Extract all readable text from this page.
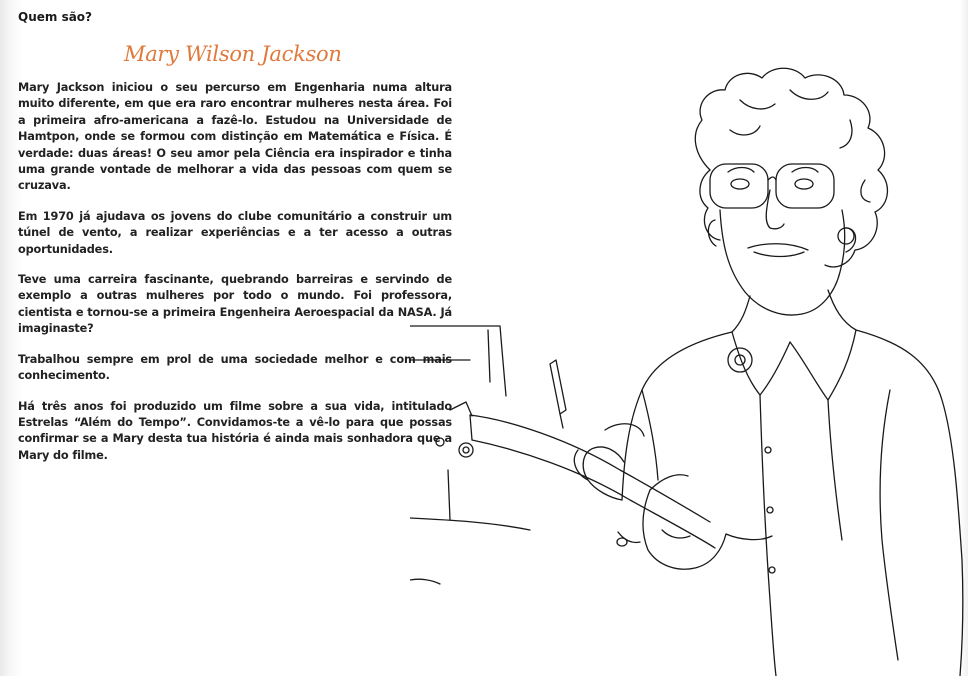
Quem são?
Mary Wilson Jackson

Mary Jackson iniciou o seu percurso em Engenharia numa altura muito diferente, em que era raro encontrar mulheres nesta área. Foi a primeira afro-americana a fazê-lo. Estudou na Universidade de Hamtpon, onde se formou com distinção em Matemática e Física. É verdade: duas áreas! O seu amor pela Ciência era inspirador e tinha uma grande vontade de melhorar a vida das pessoas com quem se cruzava.

Em 1970 já ajudava os jovens do clube comunitário a construir um túnel de vento, a realizar experiências e a ter acesso a outras oportunidades.

Teve uma carreira fascinante, quebrando barreiras e servindo de exemplo a outras mulheres por todo o mundo. Foi professora, cientista e tornou-se a primeira Engenheira Aeroespacial da NASA. Já imaginaste?

Trabalhou sempre em prol de uma sociedade melhor e com mais conhecimento.

Há três anos foi produzido um filme sobre a sua vida, intitulado Estrelas “Além do Tempo”. Convidamos-te a vê-lo para que possas confirmar se a Mary desta tua história é ainda mais sonhadora que a Mary do filme.
